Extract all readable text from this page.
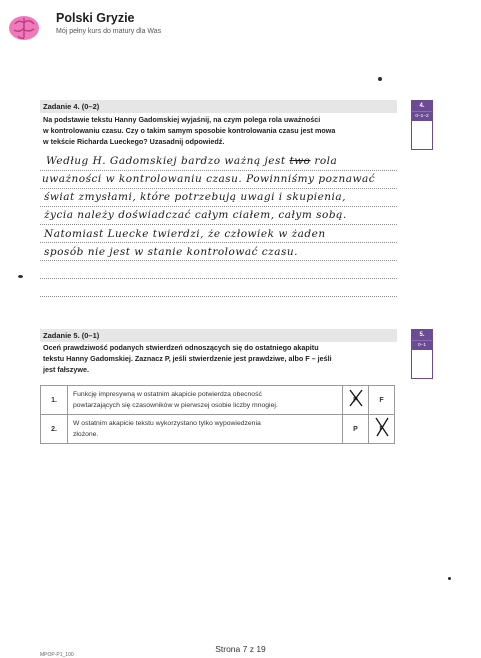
Polski Gryzie
Mój pełny kurs do matury dla Was
Zadanie 4. (0–2)
Na podstawie tekstu Hanny Gadomskiej wyjaśnij, na czym polega rola uważności
w kontrolowaniu czasu. Czy o takim samym sposobie kontrolowania czasu jest mowa
w tekście Richarda Lueckego? Uzasadnij odpowiedź.
4.
0–1–2
Według H. Gadomskiej bardzo ważną jest two rola
uważności w kontrolowaniu czasu. Powinniśmy poznawać
świat zmysłami, które potrzebują uwagi i skupienia,
życia należy doświadczać całym ciałem, całym sobą.
Natomiast Luecke twierdzi, że człowiek w żaden
sposób nie jest w stanie kontrolować czasu.
Zadanie 5. (0–1)
Oceń prawdziwość podanych stwierdzeń odnoszących się do ostatniego akapitu
tekstu Hanny Gadomskiej. Zaznacz P, jeśli stwierdzenie jest prawdziwe, albo F – jeśli
jest fałszywe.
5.
0–1
1.	Funkcję impresywną w ostatnim akapicie potwierdza obecność
powtarzających się czasowników w pierwszej osobie liczby mnogiej.	P	F
2.	W ostatnim akapicie tekstu wykorzystano tylko wypowiedzenia
złożone.	P	F
Strona 7 z 19
MPOP-P1_100
